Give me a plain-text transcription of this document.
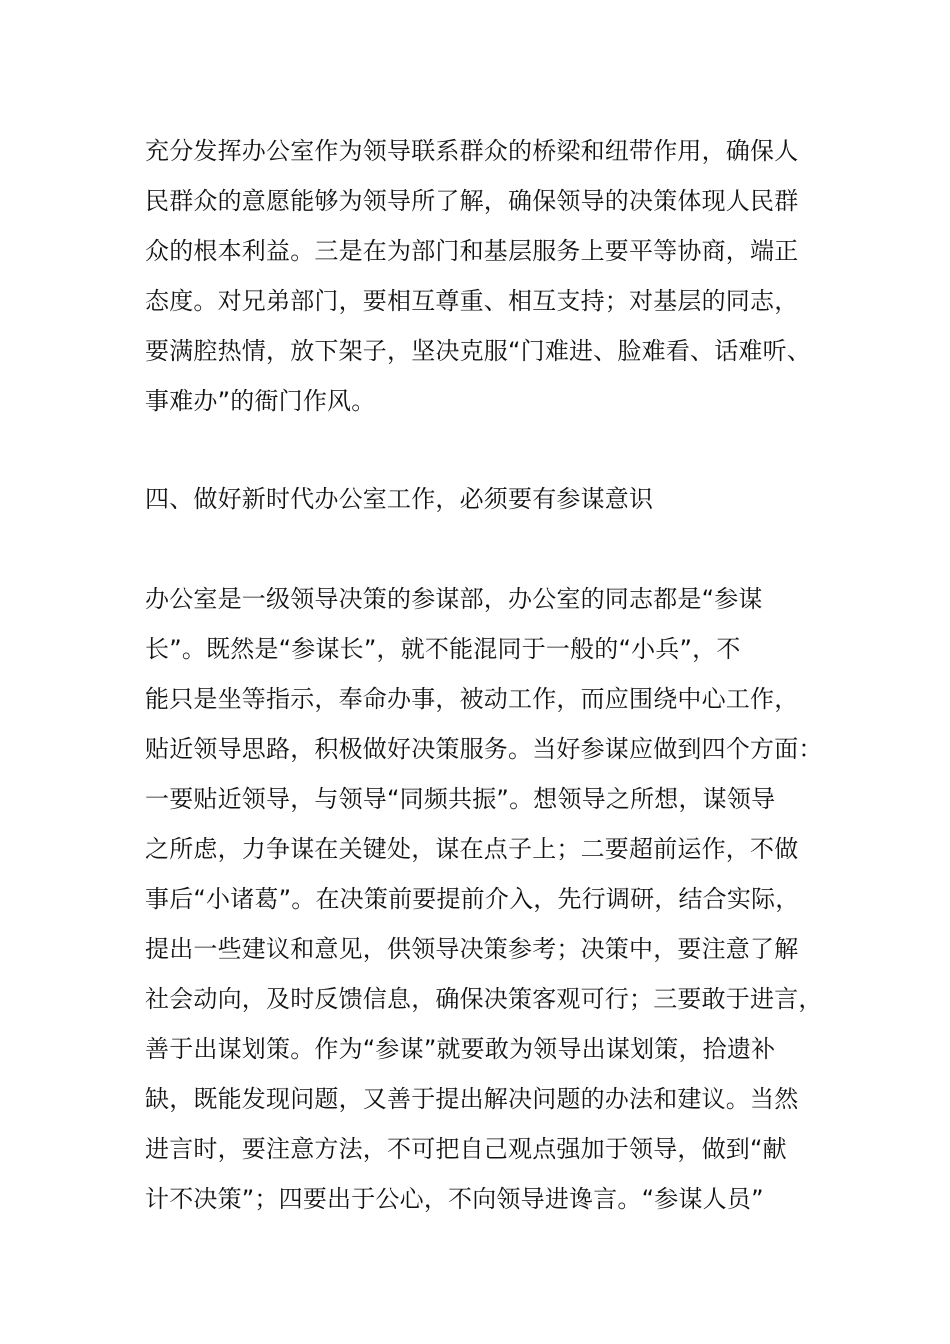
充分发挥办公室作为领导联系群众的桥梁和纽带作用，确保人
民群众的意愿能够为领导所了解，确保领导的决策体现人民群
众的根本利益。三是在为部门和基层服务上要平等协商，端正
态度。对兄弟部门，要相互尊重、相互支持；对基层的同志，
要满腔热情，放下架子，坚决克服“门难进、脸难看、话难听、
事难办”的衙门作风。
四、做好新时代办公室工作，必须要有参谋意识
办公室是一级领导决策的参谋部，办公室的同志都是“参谋
长”。既然是“参谋长”，就不能混同于一般的“小兵”，不
能只是坐等指示，奉命办事，被动工作，而应围绕中心工作，
贴近领导思路，积极做好决策服务。当好参谋应做到四个方面：
一要贴近领导，与领导“同频共振”。想领导之所想，谋领导
之所虑，力争谋在关键处，谋在点子上；二要超前运作，不做
事后“小诸葛”。在决策前要提前介入，先行调研，结合实际，
提出一些建议和意见，供领导决策参考；决策中，要注意了解
社会动向，及时反馈信息，确保决策客观可行；三要敢于进言，
善于出谋划策。作为“参谋”就要敢为领导出谋划策，拾遗补
缺，既能发现问题，又善于提出解决问题的办法和建议。当然
进言时，要注意方法，不可把自己观点强加于领导，做到“献
计不决策”；四要出于公心，不向领导进谗言。“参谋人员”
